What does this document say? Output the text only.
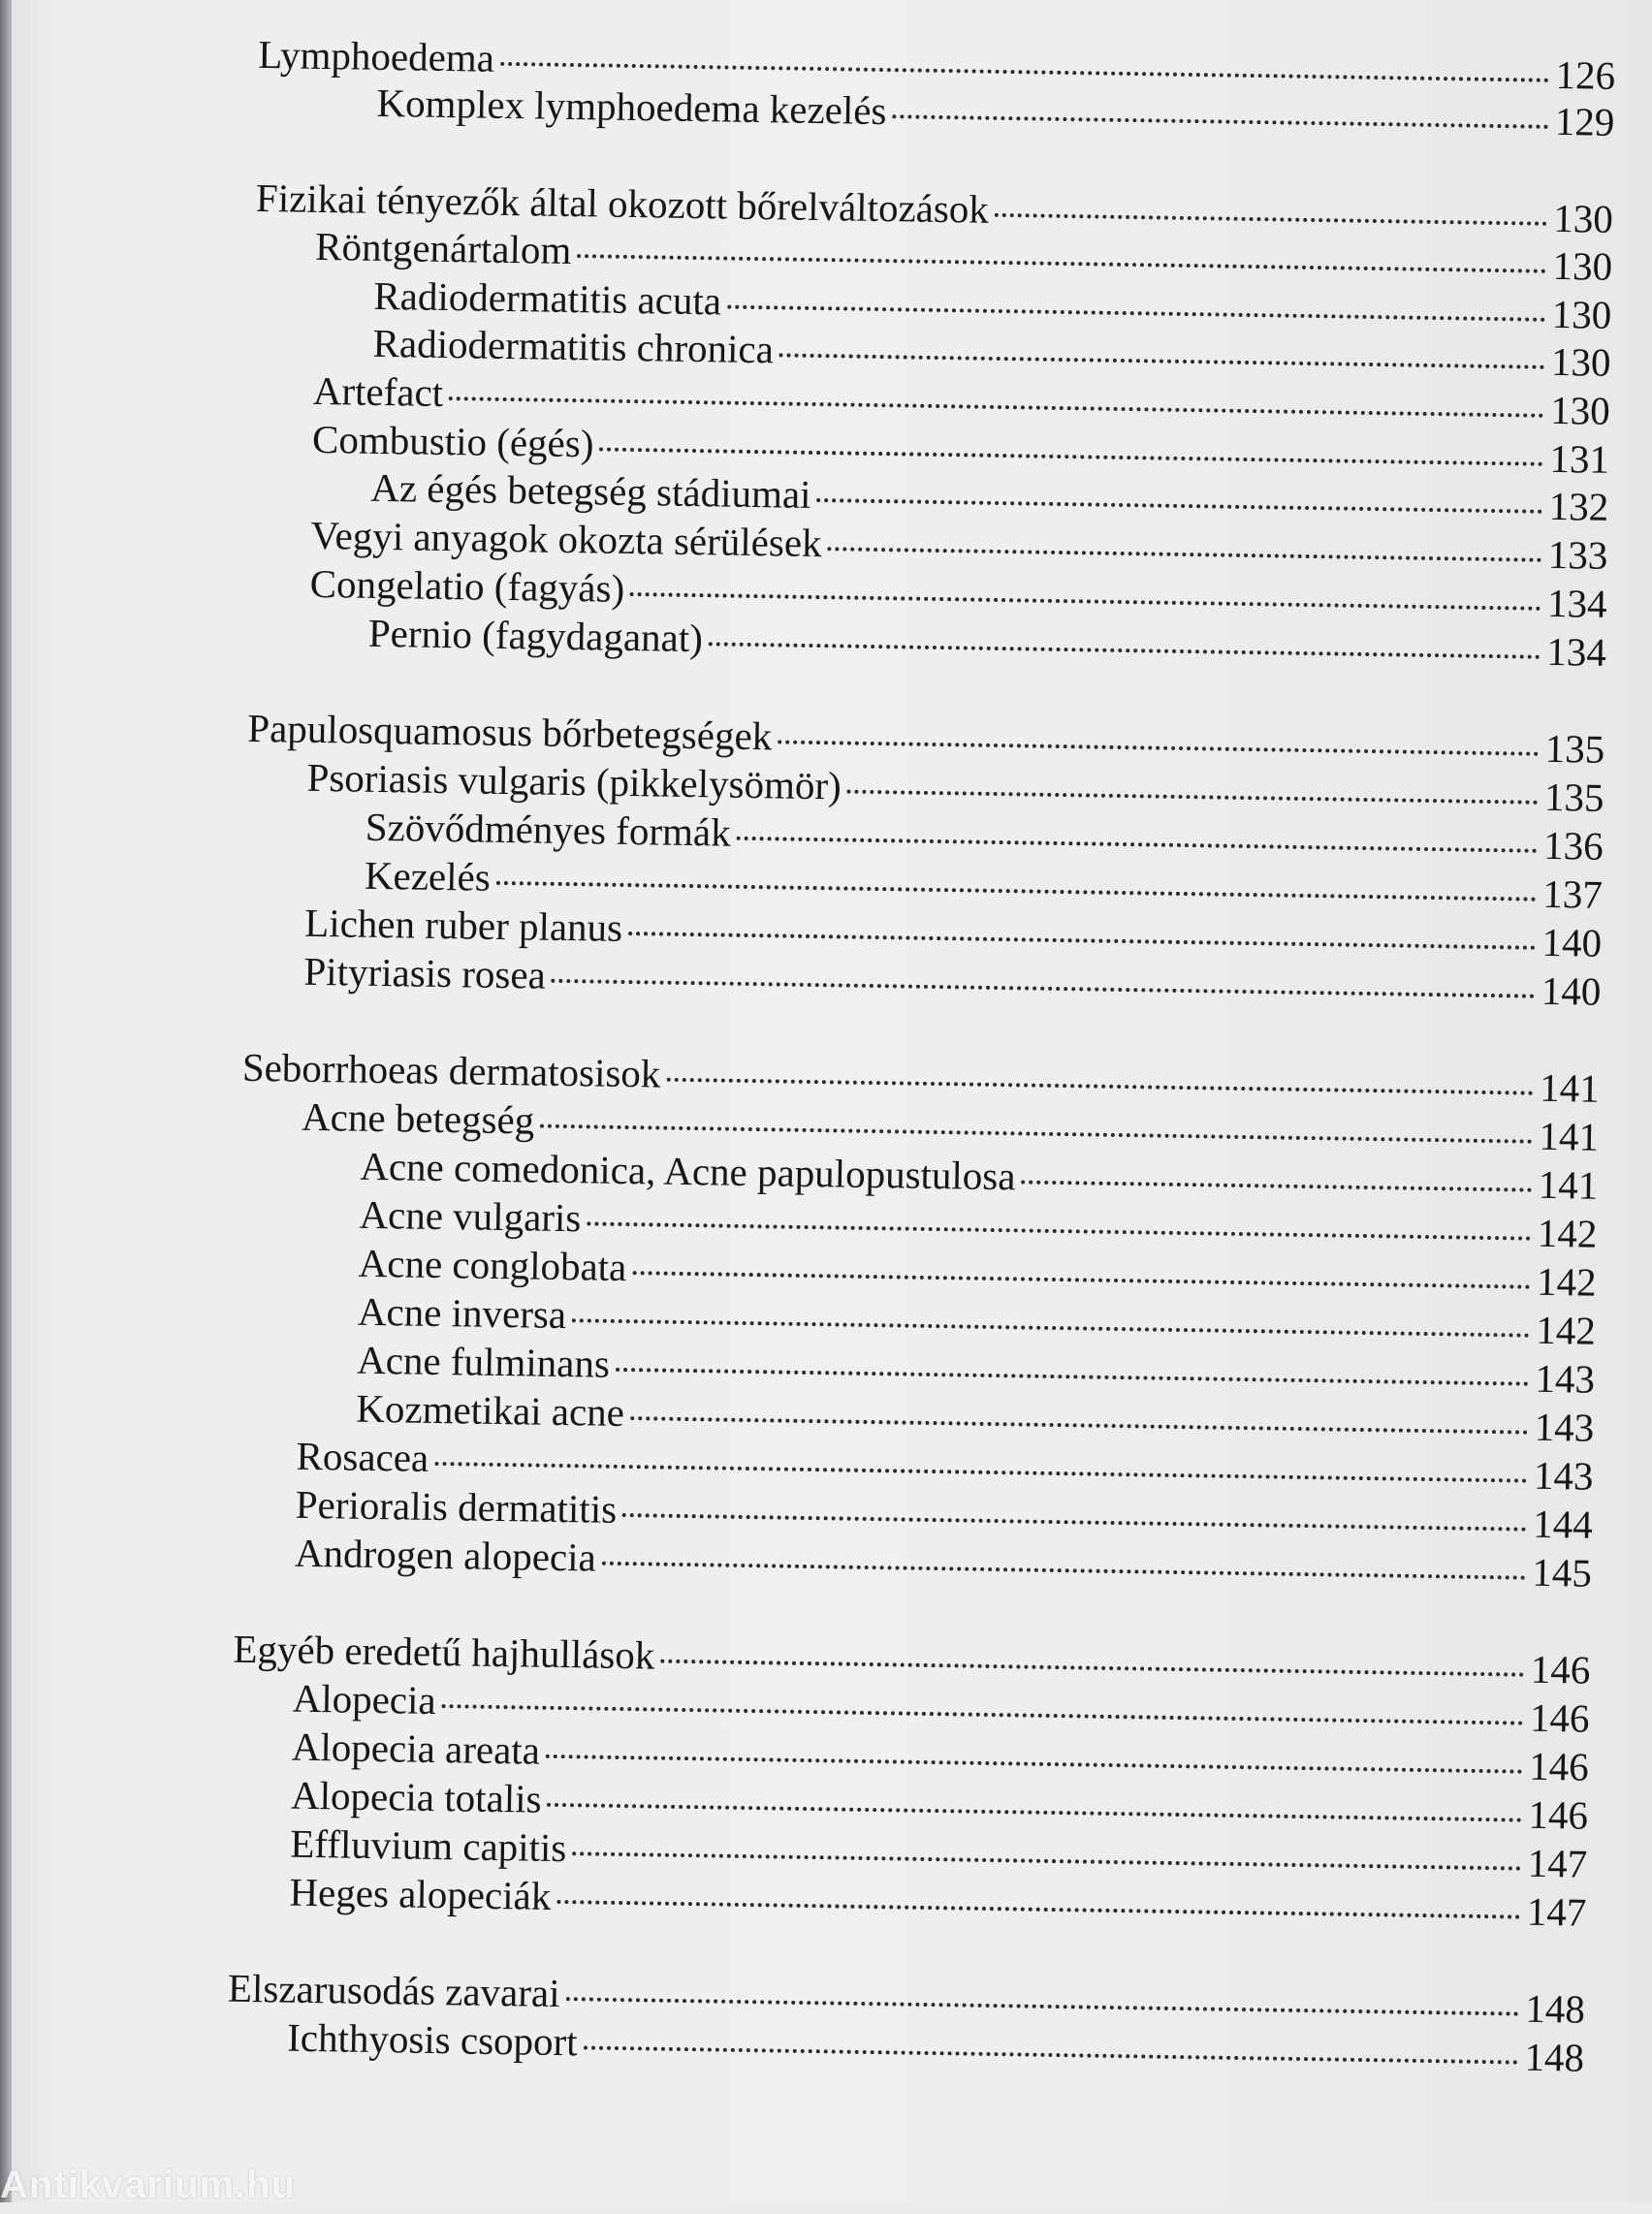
Lymphoedema	126
Komplex lymphoedema kezelés	129
Fizikai tényezők által okozott bőrelváltozások	130
Röntgenártalom	130
Radiodermatitis acuta	130
Radiodermatitis chronica	130
Artefact	130
Combustio (égés)	131
Az égés betegség stádiumai	132
Vegyi anyagok okozta sérülések	133
Congelatio (fagyás)	134
Pernio (fagydaganat)	134
Papulosquamosus bőrbetegségek	135
Psoriasis vulgaris (pikkelysömör)	135
Szövődményes formák	136
Kezelés	137
Lichen ruber planus	140
Pityriasis rosea	140
Seborrhoeas dermatosisok	141
Acne betegség	141
Acne comedonica, Acne papulopustulosa	141
Acne vulgaris	142
Acne conglobata	142
Acne inversa	142
Acne fulminans	143
Kozmetikai acne	143
Rosacea	143
Perioralis dermatitis	144
Androgen alopecia	145
Egyéb eredetű hajhullások	146
Alopecia	146
Alopecia areata	146
Alopecia totalis	146
Effluvium capitis	147
Heges alopeciák	147
Elszarusodás zavarai	148
Ichthyosis csoport	148
Antikvarium.hu
